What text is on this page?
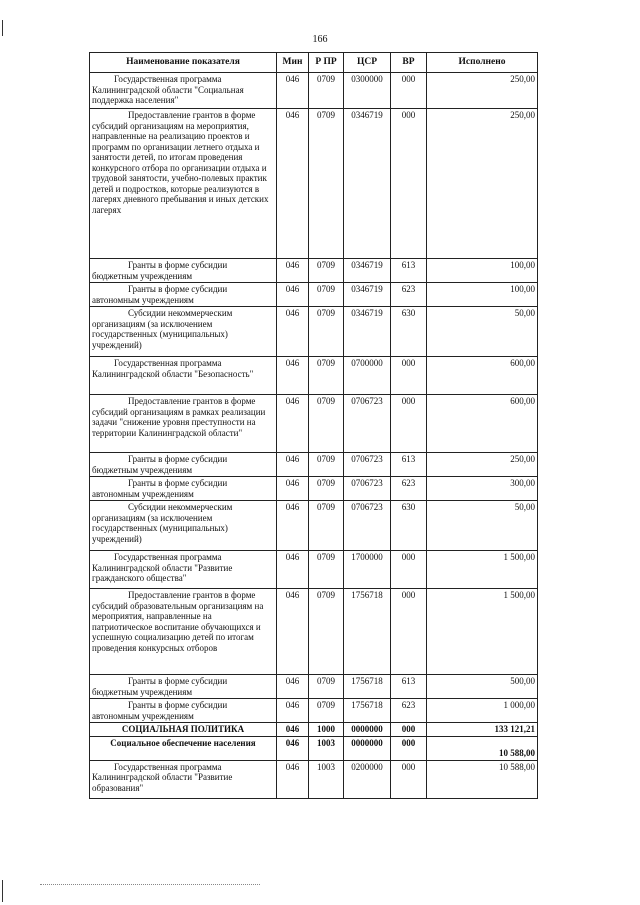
166
Наименование показателя	Мин	Р ПР	ЦСР	ВР	Исполнено
Государственная программа Калининградской области "Социальная поддержка населения"	046	0709	0300000	000	250,00
Предоставление грантов в форме субсидий организациям на мероприятия, направленные на реализацию проектов и программ по организации летнего отдыха и занятости детей, по итогам проведения конкурсного отбора по организации отдыха и трудовой занятости, учебно-полевых практик детей и подростков, которые реализуются в лагерях дневного пребывания и иных детских лагерях	046	0709	0346719	000	250,00
Гранты в форме субсидии бюджетным учреждениям	046	0709	0346719	613	100,00
Гранты в форме субсидии автономным учреждениям	046	0709	0346719	623	100,00
Субсидии некоммерческим организациям (за исключением государственных (муниципальных) учреждений)	046	0709	0346719	630	50,00
Государственная программа Калининградской области "Безопасность"	046	0709	0700000	000	600,00
Предоставление грантов в форме субсидий организациям в рамках реализации задачи "снижение уровня преступности на территории Калининградской области"	046	0709	0706723	000	600,00
Гранты в форме субсидии бюджетным учреждениям	046	0709	0706723	613	250,00
Гранты в форме субсидии автономным учреждениям	046	0709	0706723	623	300,00
Субсидии некоммерческим организациям (за исключением государственных (муниципальных) учреждений)	046	0709	0706723	630	50,00
Государственная программа Калининградской области "Развитие гражданского общества"	046	0709	1700000	000	1 500,00
Предоставление грантов в форме субсидий образовательным организациям на мероприятия, направленные на патриотическое воспитание обучающихся и успешную социализацию детей по итогам проведения конкурсных отборов	046	0709	1756718	000	1 500,00
Гранты в форме субсидии бюджетным учреждениям	046	0709	1756718	613	500,00
Гранты в форме субсидии автономным учреждениям	046	0709	1756718	623	1 000,00
СОЦИАЛЬНАЯ ПОЛИТИКА	046	1000	0000000	000	133 121,21
Социальное обеспечение населения	046	1003	0000000	000	10 588,00
Государственная программа Калининградской области "Развитие образования"	046	1003	0200000	000	10 588,00
